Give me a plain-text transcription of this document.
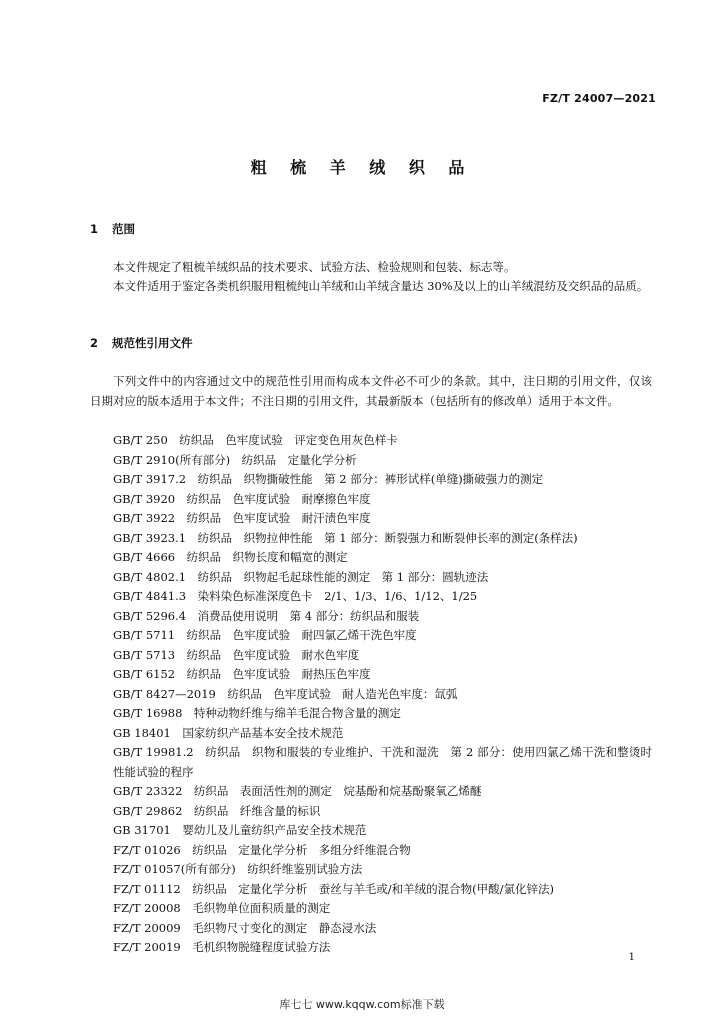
FZ/T 24007—2021
粗 梳 羊 绒 织 品
1 范围
本文件规定了粗梳羊绒织品的技术要求、试验方法、检验规则和包装、标志等。
本文件适用于鉴定各类机织服用粗梳纯山羊绒和山羊绒含量达 30%及以上的山羊绒混纺及交织品的品质。
2 规范性引用文件
下列文件中的内容通过文中的规范性引用而构成本文件必不可少的条款。其中，注日期的引用文件，仅该日期对应的版本适用于本文件；不注日期的引用文件，其最新版本（包括所有的修改单）适用于本文件。
GB/T 250　纺织品　色牢度试验　评定变色用灰色样卡
GB/T 2910(所有部分)　纺织品　定量化学分析
GB/T 3917.2　纺织品　织物撕破性能　第 2 部分：裤形试样(单缝)撕破强力的测定
GB/T 3920　纺织品　色牢度试验　耐摩擦色牢度
GB/T 3922　纺织品　色牢度试验　耐汗渍色牢度
GB/T 3923.1　纺织品　织物拉伸性能　第 1 部分：断裂强力和断裂伸长率的测定(条样法)
GB/T 4666　纺织品　织物长度和幅宽的测定
GB/T 4802.1　纺织品　织物起毛起球性能的测定　第 1 部分：圆轨迹法
GB/T 4841.3　染料染色标准深度色卡　2/1、1/3、1/6、1/12、1/25
GB/T 5296.4　消费品使用说明　第 4 部分：纺织品和服装
GB/T 5711　纺织品　色牢度试验　耐四氯乙烯干洗色牢度
GB/T 5713　纺织品　色牢度试验　耐水色牢度
GB/T 6152　纺织品　色牢度试验　耐热压色牢度
GB/T 8427—2019　纺织品　色牢度试验　耐人造光色牢度：氙弧
GB/T 16988　特种动物纤维与绵羊毛混合物含量的测定
GB 18401　国家纺织产品基本安全技术规范
GB/T 19981.2　纺织品　织物和服装的专业维护、干洗和湿洗　第 2 部分：使用四氯乙烯干洗和整烫时性能试验的程序
GB/T 23322　纺织品　表面活性剂的测定　烷基酚和烷基酚聚氧乙烯醚
GB/T 29862　纺织品　纤维含量的标识
GB 31701　婴幼儿及儿童纺织产品安全技术规范
FZ/T 01026　纺织品　定量化学分析　多组分纤维混合物
FZ/T 01057(所有部分)　纺织纤维鉴别试验方法
FZ/T 01112　纺织品　定量化学分析　蚕丝与羊毛或/和羊绒的混合物(甲酸/氯化锌法)
FZ/T 20008　毛织物单位面积质量的测定
FZ/T 20009　毛织物尺寸变化的测定　静态浸水法
FZ/T 20019　毛机织物脱缝程度试验方法
1
库七七 www.kqqw.com标准下载
